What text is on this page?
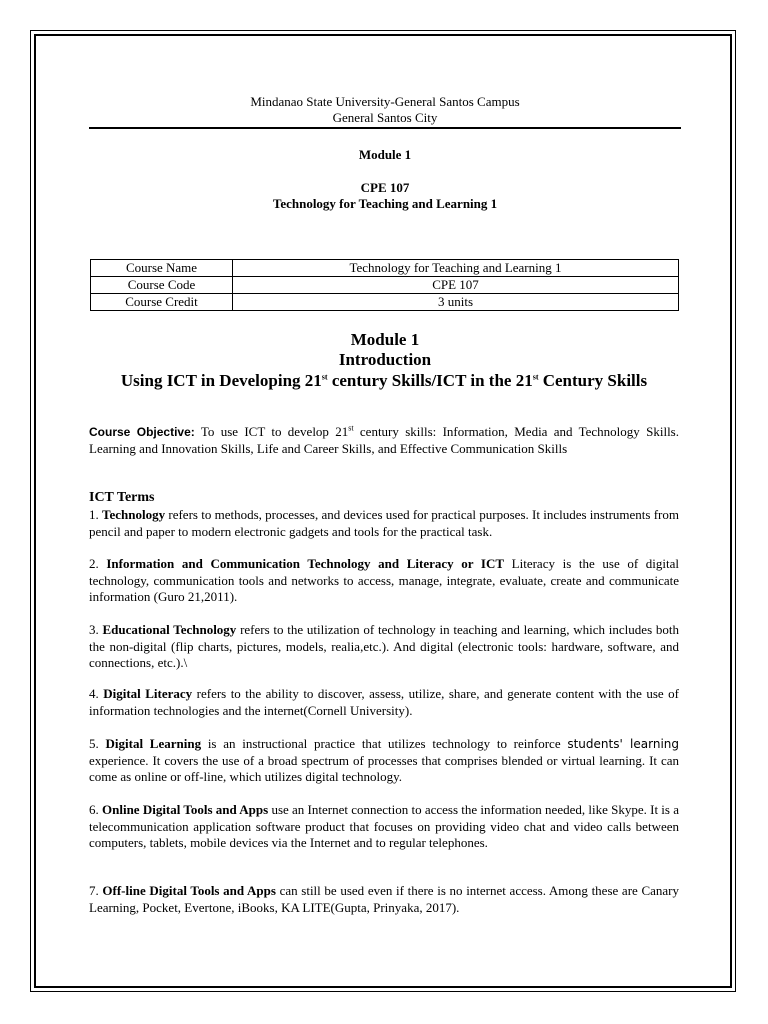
Mindanao State University-General Santos Campus
General Santos City
Module 1
CPE 107
Technology for Teaching and Learning 1
Course Name	Technology for Teaching and Learning 1
Course Code	CPE 107
Course Credit	3 units
Module 1
Introduction
Using ICT in Developing 21st century Skills/ICT in the 21st Century Skills
Course Objective: To use ICT to develop 21st century skills: Information, Media and Technology Skills. Learning and Innovation Skills, Life and Career Skills, and Effective Communication Skills
ICT Terms
1. Technology refers to methods, processes, and devices used for practical purposes. It includes instruments from pencil and paper to modern electronic gadgets and tools for the practical task.
2. Information and Communication Technology and Literacy or ICT Literacy is the use of digital technology, communication tools and networks to access, manage, integrate, evaluate, create and communicate information (Guro 21,2011).
3. Educational Technology refers to the utilization of technology in teaching and learning, which includes both the non-digital (flip charts, pictures, models, realia,etc.). And digital (electronic tools: hardware, software, and connections, etc.).\
4. Digital Literacy refers to the ability to discover, assess, utilize, share, and generate content with the use of information technologies and the internet(Cornell University).
5. Digital Learning is an instructional practice that utilizes technology to reinforce students' learning experience. It covers the use of a broad spectrum of processes that comprises blended or virtual learning. It can come as online or off-line, which utilizes digital technology.
6. Online Digital Tools and Apps use an Internet connection to access the information needed, like Skype. It is a telecommunication application software product that focuses on providing video chat and video calls between computers, tablets, mobile devices via the Internet and to regular telephones.
7. Off-line Digital Tools and Apps can still be used even if there is no internet access. Among these are Canary Learning, Pocket, Evertone, iBooks, KA LITE(Gupta, Prinyaka, 2017).
